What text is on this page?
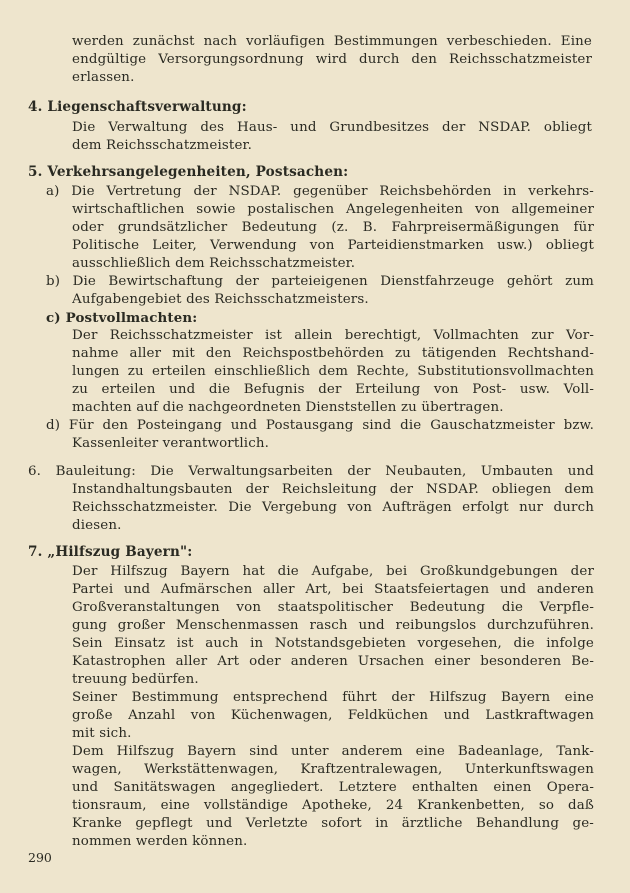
werden zunächst nach vorläufigen Bestimmungen verbeschieden. Eine
endgültige Versorgungsordnung wird durch den Reichsschatzmeister
erlassen.
4. Liegenschaftsverwaltung:
Die Verwaltung des Haus- und Grundbesitzes der NSDAP. obliegt
dem Reichsschatzmeister.
5. Verkehrsangelegenheiten, Postsachen:
a) Die Vertretung der NSDAP. gegenüber Reichsbehörden in verkehrs-
wirtschaftlichen sowie postalischen Angelegenheiten von allgemeiner
oder grundsätzlicher Bedeutung (z. B. Fahrpreisermäßigungen für
Politische Leiter, Verwendung von Parteidienstmarken usw.) obliegt
ausschließlich dem Reichsschatzmeister.
b) Die Bewirtschaftung der parteieigenen Dienstfahrzeuge gehört zum
Aufgabengebiet des Reichsschatzmeisters.
c) Postvollmachten:
Der Reichsschatzmeister ist allein berechtigt, Vollmachten zur Vor-
nahme aller mit den Reichspostbehörden zu tätigenden Rechtshand-
lungen zu erteilen einschließlich dem Rechte, Substitutionsvollmachten
zu erteilen und die Befugnis der Erteilung von Post- usw. Voll-
machten auf die nachgeordneten Dienststellen zu übertragen.
d) Für den Posteingang und Postausgang sind die Gauschatzmeister bzw.
Kassenleiter verantwortlich.
6. Bauleitung: Die Verwaltungsarbeiten der Neubauten, Umbauten und
Instandhaltungsbauten der Reichsleitung der NSDAP. obliegen dem
Reichsschatzmeister. Die Vergebung von Aufträgen erfolgt nur durch
diesen.
7. „Hilfszug Bayern":
Der Hilfszug Bayern hat die Aufgabe, bei Großkundgebungen der
Partei und Aufmärschen aller Art, bei Staatsfeiertagen und anderen
Großveranstaltungen von staatspolitischer Bedeutung die Verpfle-
gung großer Menschenmassen rasch und reibungslos durchzuführen.
Sein Einsatz ist auch in Notstandsgebieten vorgesehen, die infolge
Katastrophen aller Art oder anderen Ursachen einer besonderen Be-
treuung bedürfen.
Seiner Bestimmung entsprechend führt der Hilfszug Bayern eine
große Anzahl von Küchenwagen, Feldküchen und Lastkraftwagen
mit sich.
Dem Hilfszug Bayern sind unter anderem eine Badeanlage, Tank-
wagen, Werkstättenwagen, Kraftzentralewagen, Unterkunftswagen
und Sanitätswagen angegliedert. Letztere enthalten einen Opera-
tionsraum, eine vollständige Apotheke, 24 Krankenbetten, so daß
Kranke gepflegt und Verletzte sofort in ärztliche Behandlung ge-
nommen werden können.
290
